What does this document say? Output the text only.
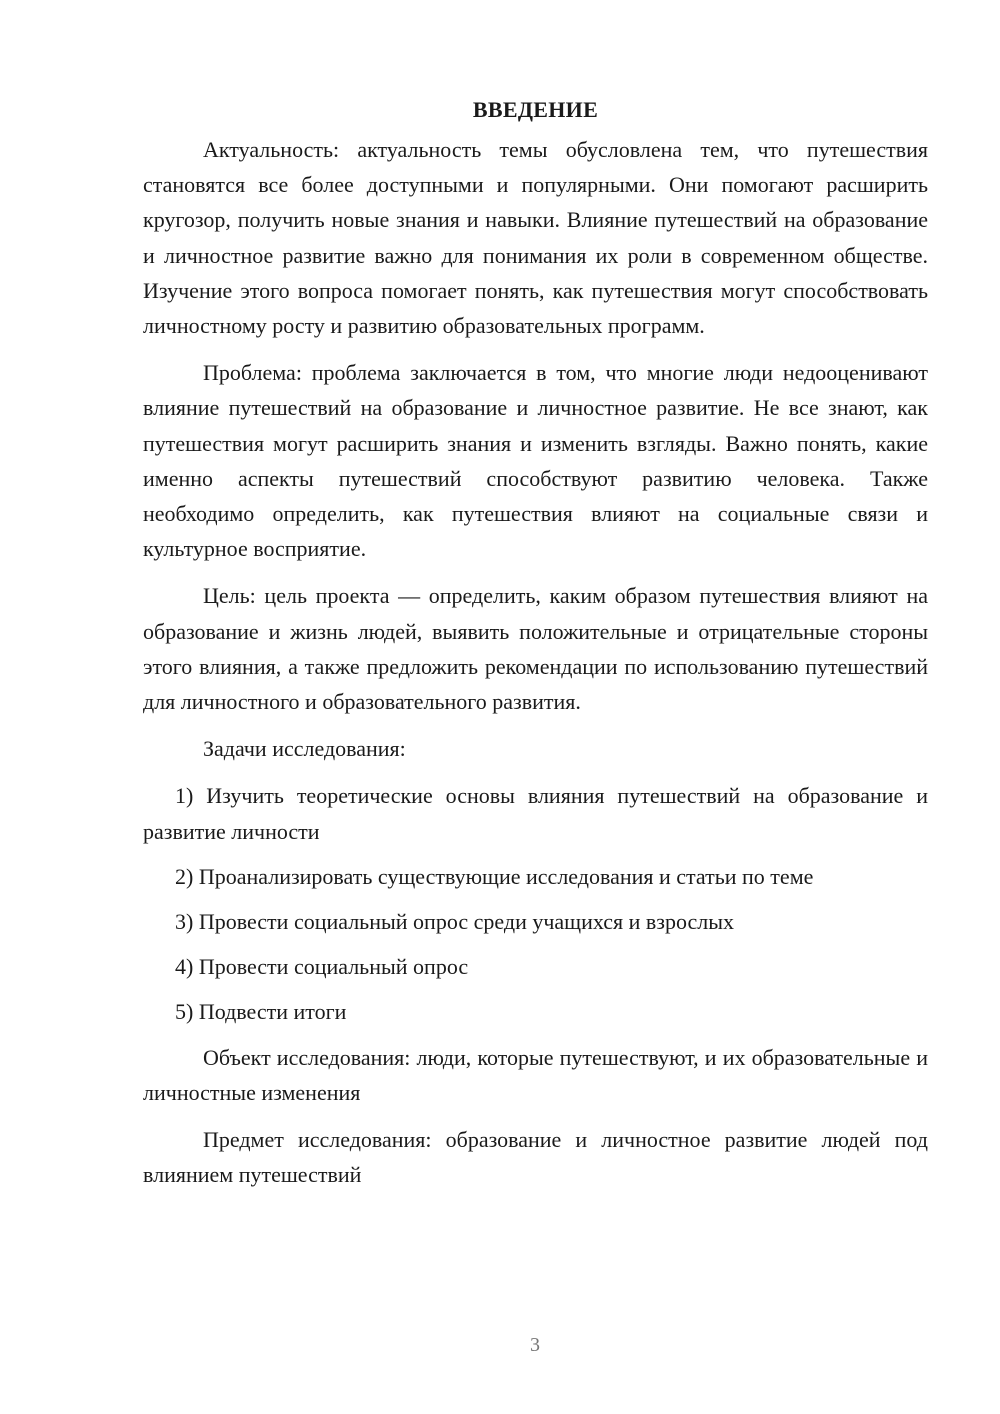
ВВЕДЕНИЕ

Актуальность: актуальность темы обусловлена тем, что путешествия становятся все более доступными и популярными. Они помогают расширить кругозор, получить новые знания и навыки. Влияние путешествий на образование и личностное развитие важно для понимания их роли в современном обществе. Изучение этого вопроса помогает понять, как путешествия могут способствовать личностному росту и развитию образовательных программ.

Проблема: проблема заключается в том, что многие люди недооценивают влияние путешествий на образование и личностное развитие. Не все знают, как путешествия могут расширить знания и изменить взгляды. Важно понять, какие именно аспекты путешествий способствуют развитию человека. Также необходимо определить, как путешествия влияют на социальные связи и культурное восприятие.

Цель: цель проекта — определить, каким образом путешествия влияют на образование и жизнь людей, выявить положительные и отрицательные стороны этого влияния, а также предложить рекомендации по использованию путешествий для личностного и образовательного развития.

Задачи исследования:

1) Изучить теоретические основы влияния путешествий на образование и развитие личности

2) Проанализировать существующие исследования и статьи по теме

3) Провести социальный опрос среди учащихся и взрослых

4) Провести социальный опрос

5) Подвести итоги

Объект исследования: люди, которые путешествуют, и их образовательные и личностные изменения

Предмет исследования: образование и личностное развитие людей под влиянием путешествий

3
